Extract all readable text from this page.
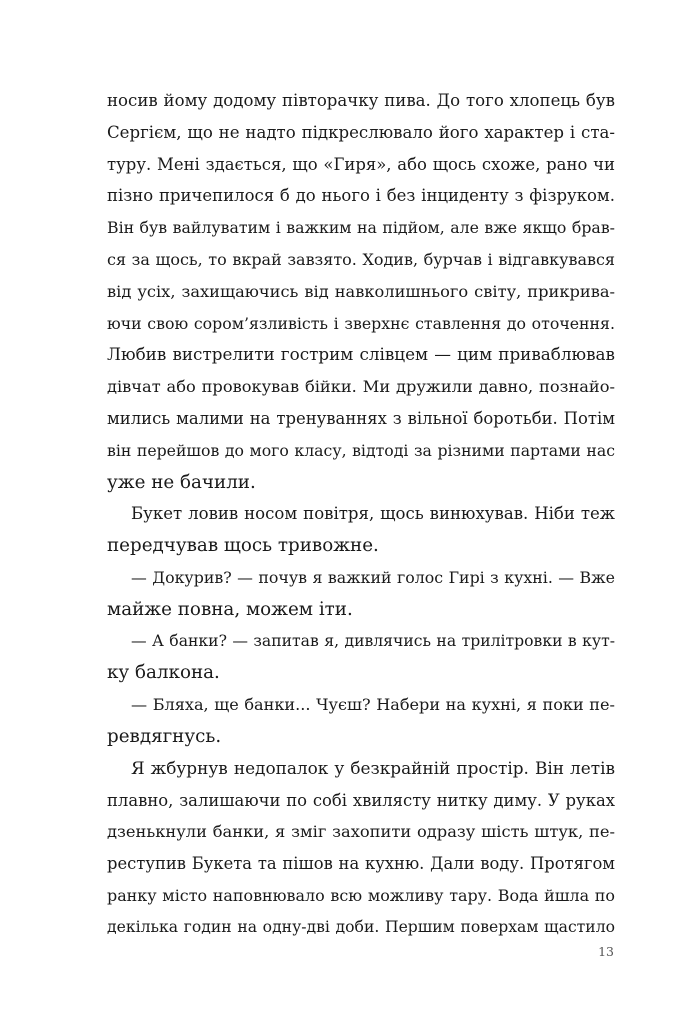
носив йому додому півторачку пива. До того хлопець був
Сергієм, що не надто підкреслювало його характер і ста-
туру. Мені здається, що «Гиря», або щось схоже, рано чи
пізно причепилося б до нього і без інциденту з фізруком.
Він був вайлуватим і важким на підйом, але вже якщо брав-
ся за щось, то вкрай завзято. Ходив, бурчав і відгавкувався
від усіх, захищаючись від навколишнього світу, прикрива-
ючи свою сором’язливість і зверхнє ставлення до оточення.
Любив вистрелити гострим слівцем — цим приваблював
дівчат або провокував бійки. Ми дружили давно, познайо-
мились малими на тренуваннях з вільної боротьби. Потім
він перейшов до мого класу, відтоді за різними партами нас
уже не бачили.
Букет ловив носом повітря, щось винюхував. Ніби теж
передчував щось тривожне.
— Докурив? — почув я важкий голос Гирі з кухні. — Вже
майже повна, можем іти.
— А банки? — запитав я, дивлячись на трилітровки в кут-
ку балкона.
— Бляха, ще банки... Чуєш? Набери на кухні, я поки пе-
ревдягнусь.
Я жбурнув недопалок у безкрайній простір. Він летів
плавно, залишаючи по собі хвилясту нитку диму. У руках
дзенькнули банки, я зміг захопити одразу шість штук, пе-
реступив Букета та пішов на кухню. Дали воду. Протягом
ранку місто наповнювало всю можливу тару. Вода йшла по
декілька годин на одну-дві доби. Першим поверхам щастило
13
